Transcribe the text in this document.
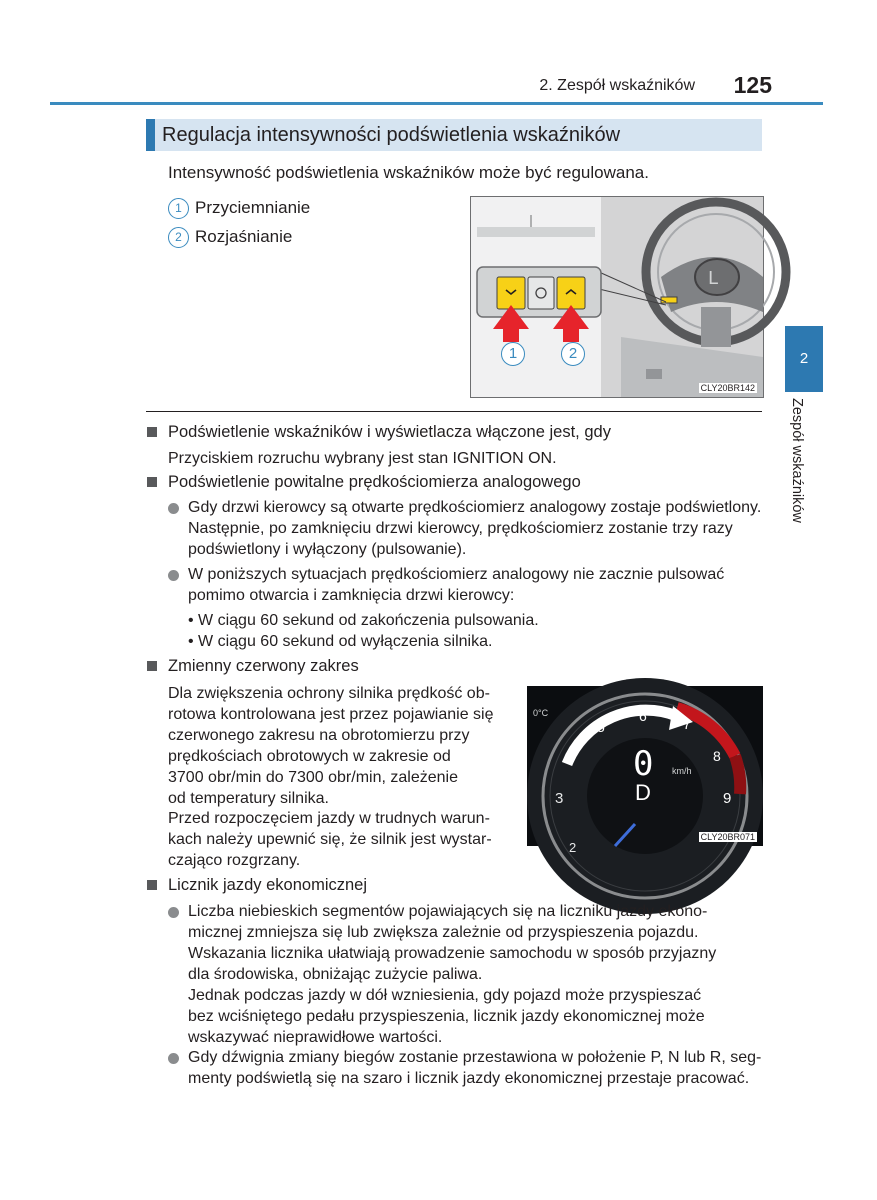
2. Zespół wskaźników	125
2
Zespół wskaźników
Regulacja intensywności podświetlenia wskaźników
Intensywność podświetlenia wskaźników może być regulowana.
1 Przyciemnianie
2 Rozjaśnianie
L
1	2
CLY20BR142
Podświetlenie wskaźników i wyświetlacza włączone jest, gdy
Przyciskiem rozruchu wybrany jest stan IGNITION ON.
Podświetlenie powitalne prędkościomierza analogowego
Gdy drzwi kierowcy są otwarte prędkościomierz analogowy zostaje podświetlony.
Następnie, po zamknięciu drzwi kierowcy, prędkościomierz zostanie trzy razy
podświetlony i wyłączony (pulsowanie).
W poniższych sytuacjach prędkościomierz analogowy nie zacznie pulsować
pomimo otwarcia i zamknięcia drzwi kierowcy:
• W ciągu 60 sekund od zakończenia pulsowania.
• W ciągu 60 sekund od wyłączenia silnika.
Zmienny czerwony zakres
Dla zwiększenia ochrony silnika prędkość ob-
rotowa kontrolowana jest przez pojawianie się
czerwonego zakresu na obrotomierzu przy
prędkościach obrotowych w zakresie od
3700 obr/min do 7300 obr/min, zależenie
od temperatury silnika.
Przed rozpoczęciem jazdy w trudnych warun-
kach należy upewnić się, że silnik jest wystar-
czająco rozgrzany.
0°C
2
3
4
5
6	7
8
9
0 km/h
D
CLY20BR071
Licznik jazdy ekonomicznej
Liczba niebieskich segmentów pojawiających się na liczniku jazdy ekono-
micznej zmniejsza się lub zwiększa zależnie od przyspieszenia pojazdu.
Wskazania licznika ułatwiają prowadzenie samochodu w sposób przyjazny
dla środowiska, obniżając zużycie paliwa.
Jednak podczas jazdy w dół wzniesienia, gdy pojazd może przyspieszać
bez wciśniętego pedału przyspieszenia, licznik jazdy ekonomicznej może
wskazywać nieprawidłowe wartości.
Gdy dźwignia zmiany biegów zostanie przestawiona w położenie P, N lub R, seg-
menty podświetlą się na szaro i licznik jazdy ekonomicznej przestaje pracować.
